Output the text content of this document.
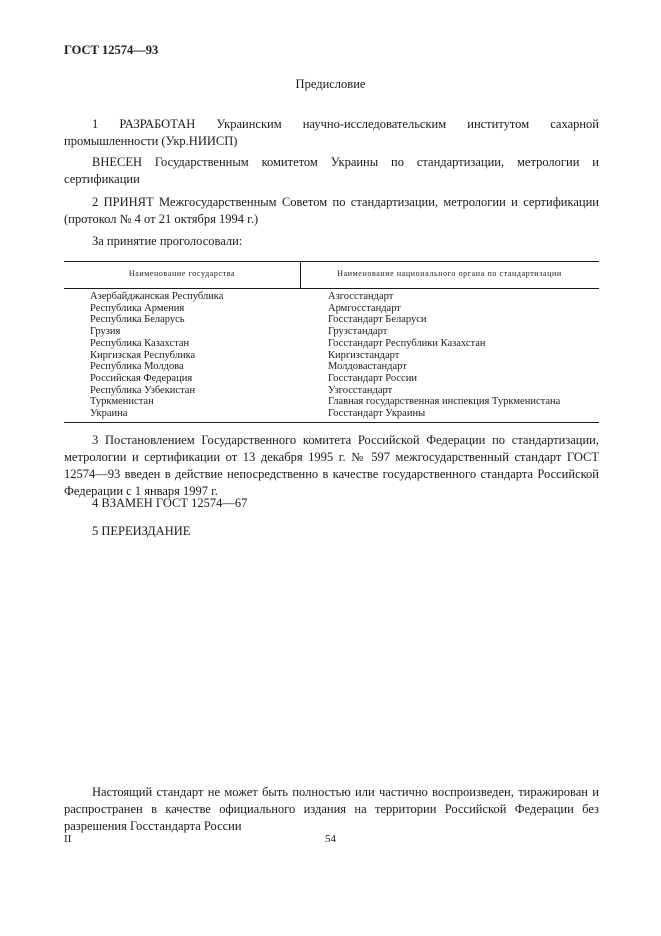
ГОСТ 12574—93
Предисловие
1 РАЗРАБОТАН Украинским научно-исследовательским институтом сахарной промышленности (Укр.НИИСП)
ВНЕСЕН Государственным комитетом Украины по стандартизации, метрологии и сертификации
2 ПРИНЯТ Межгосударственным Советом по стандартизации, метрологии и сертификации (протокол № 4 от 21 октября 1994 г.)
За принятие проголосовали:
Наименование государства	Наименование национального органа по стандартизации
Азербайджанская Республика
Республика Армения
Республика Беларусь
Грузия
Республика Казахстан
Киргизская Республика
Республика Молдова
Российская Федерация
Республика Узбекистан
Туркменистан
Украина
Азгосстандарт
Армгосстандарт
Госстандарт Беларуси
Грузстандарт
Госстандарт Республики Казахстан
Киргизстандарт
Молдовастандарт
Госстандарт России
Узгосстандарт
Главная государственная инспекция Туркменистана
Госстандарт Украины
3 Постановлением Государственного комитета Российской Федерации по стандартизации, метрологии и сертификации от 13 декабря 1995 г. № 597 межгосударственный стандарт ГОСТ 12574—93 введен в действие непосредственно в качестве государственного стандарта Российской Федерации с 1 января 1997 г.
4 ВЗАМЕН ГОСТ 12574—67
5 ПЕРЕИЗДАНИЕ
Настоящий стандарт не может быть полностью или частично воспроизведен, тиражирован и распространен в качестве официального издания на территории Российской Федерации без разрешения Госстандарта России
II	54
